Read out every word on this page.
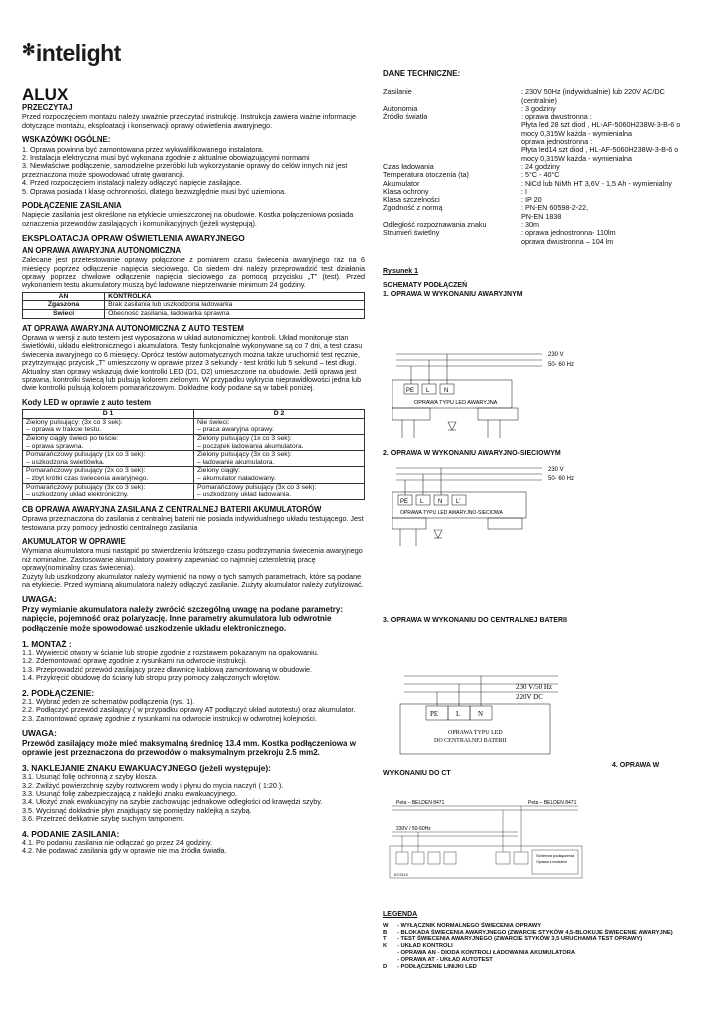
✻intelight
ALUX
PRZECZYTAJ

Przed rozpoczęciem montażu należy uważnie przeczytać instrukcję. Instrukcja zawiera ważne informacje dotyczące montażu, eksploatacji i konserwacji oprawy oświetlenia awaryjnego.

WSKAZÓWKI OGÓLNE:

1. Oprawa powinna być zamontowana przez wykwalifikowanego instalatora.

2. Instalacja elektryczna musi być wykonana zgodnie z aktualnie obowiązującymi normami

3. Niewłaściwe podłączenie, samodzielne przeróbki lub wykorzystanie oprawy do celów innych niż jest przeznaczona może spowodować utratę gwarancji.

4. Przed rozpoczęciem instalacji należy odłączyć napięcie zasilające.

5. Oprawa posiada I klasę ochronności, dlatego bezwzględnie musi być uziemiona.

PODŁĄCZENIE ZASILANIA

Napięcie zasilania jest określone na etykiecie umieszczonej na obudowie. Kostka połączeniowa posiada oznaczenia przewodów zasilających i komunikacyjnych (jeżeli występują).

EKSPLOATACJA OPRAW OŚWIETLENIA AWARYJNEGO
AN OPRAWA AWARYJNA AUTONOMICZNA

Zalecane jest przetestowanie oprawy połączone z pomiarem czasu świecenia awaryjnego raz na 6 miesięcy poprzez odłączenie napięcia sieciowego. Co siedem dni należy przeprowadzić test działania oprawy poprzez chwilowe odłączenie napięcia sieciowego za pomocą przycisku „T” (test). Przed wykonaniem testu akumulatory muszą być ładowane nieprzerwanie minimum 24 godziny.

AN	KONTROLKA
Zgaszona	Brak zasilania lub uszkodzona ładowarka
Świeci	Obecność zasilania, ładowarka sprawna
AT OPRAWA AWARYJNA AUTONOMICZNA Z AUTO TESTEM

Oprawa w wersji z auto testem jest wyposażona w układ autonomicznej kontroli. Układ monitoruje stan świetlówki, układu elektronicznego i akumulatora. Testy funkcjonalne wykonywane są co 7 dni, a test czasu świecenia awaryjnego co 6 miesięcy. Oprócz testów automatycznych można także uruchomić test ręcznie, przytrzymując przycisk „T” umieszczony w oprawie przez 3 sekundy - test krótki lub 5 sekund – test długi.

Aktualny stan oprawy wskazują dwie kontrolki LED (D1, D2) umieszczone na obudowie. Jeśli oprawa jest sprawna, kontrolki świecą lub pulsują kolorem zielonym. W przypadku wykrycia nieprawidłowości jedna lub dwie kontrolki pulsują kolorem pomarańczowym. Dokładne kody podane są w tabeli poniżej.

Kody LED w oprawie z auto testem
D 1	D 2
Zielony pulsujący: (3x co 3 sek):
– oprawa w trakcie testu.	Nie świeci:
– praca awaryjna oprawy.
Zielony ciągły świeci po teście:
– oprawa sprawna.	Zielony pulsujący (1x co 3 sek):
– początek ładowania akumulatora.
Pomarańczowy pulsujący (1x co 3 sek):
– uszkodzona świetlówka.	Zielony pulsujący (3x co 3 sek):
– ładowanie akumulatora.
Pomarańczowy pulsujący (2x co 3 sek):
– zbyt krótki czas świecenia awaryjnego.	Zielony ciągły:
– akumulator naładowany.
Pomarańczowy pulsujący (3x co 3 sek):
– uszkodzony układ elektroniczny.	Pomarańczowy pulsujący (3x co 3 sek):
– uszkodzony układ ładowania.
CB OPRAWA AWARYJNA ZASILANA Z CENTRALNEJ BATERII AKUMULATORÓW

Oprawa przeznaczona do zasilania z centralnej baterii nie posiada indywidualnego układu testującego. Jest testowana przy pomocy jednostki centralnego zasilania

AKUMULATOR W OPRAWIE

Wymiana akumulatora musi nastąpić po stwierdzeniu krótszego czasu podtrzymania świecenia awaryjnego niż nominalne. Zastosowane akumulatory powinny zapewniać co najmniej czteroletnią pracę oprawy(nominalny czas świecenia).

Zużyty lub uszkodzony akumulator należy wymienić na nowy o tych samych parametrach, które są podane na etykiecie. Przed wymianą akumulatora należy odłączyć zasilanie. Zużyty akumulator należy zutylizować.

UWAGA:

Przy wymianie akumulatora należy zwrócić szczególną uwagę na podane parametry: napięcie, pojemność oraz polaryzację. Inne parametry akumulatora lub odwrotnie podłączenie może spowodować uszkodzenie układu elektronicznego.

1. MONTAŻ :

1.1. Wywiercić otwory w ścianie lub stropie zgodnie z rozstawem pokazanym na opakowaniu.

1.2. Zdemontować oprawę zgodnie z rysunkami na odwrocie instrukcji.

1.3. Przeprowadzić przewód zasilający przez dławnicę kablową zamontowaną w obudowie.

1.4. Przykręcić obudowę do ściany lub stropu przy pomocy załączonych wkrętów.

2. PODŁĄCZENIE:

2.1. Wybrać jeden ze schematów podłączenia (rys. 1).

2.2. Podłączyć przewód zasilający ( w przypadku oprawy AT podłączyć układ autotestu) oraz akumulator.

2.3. Zamontować oprawę zgodnie z rysunkami na odwrocie instrukcji w odwrotnej kolejności.

UWAGA:

Przewód zasilający może mieć maksymalną średnicę 13.4 mm. Kostka podłączeniowa w oprawie jest przeznaczona do przewodów o maksymalnym przekroju 2.5 mm2.

3. NAKLEJANIE ZNAKU EWAKUACYJNEGO (jeżeli występuje):

3.1. Usunąć folię ochronną z szyby klosza.

3.2. Zwilżyć powierzchnię szyby roztworem wody i płynu do mycia naczyń ( 1:20 ).

3.3. Usunąć folię zabezpieczającą z naklejki znaku ewakuacyjnego.

3.4. Ułożyć znak ewakuacyjny na szybie zachowując jednakowe odległości od krawędzi szyby.

3.5. Wycisnąć dokładnie płyn znajdujący się pomiędzy naklejką a szybą.

3.6. Przetrzeć delikatnie szybę suchym tamponem.

4. PODANIE ZASILANIA:

4.1. Po podaniu zasilania nie odłączać go przez 24 godziny.

4.2. Nie podawać zasilania gdy w oprawie nie ma źródła światła.

DANE TECHNICZNE:
Zasilanie	: 230V 50Hz (indywidualnie) lub 220V AC/DC
(centralnie)
Autonomia	: 3 godziny
Źródło światła	: oprawa dwustronna :
Płyta led 28 szt diod , HL-AF-5060H238W-3-B-6 o
mocy 0,315W każda - wymienialna
oprawa jednostronna :
Płyta led14 szt diod , HL-AF-5060H238W-3-B-6 o
mocy 0,315W każda - wymienialna
Czas ładowania	: 24 godziny
Temperatura otoczenia (ta)	: 5°C - 40°C
Akumulator	: NiCd lub NiMh HT 3,6V - 1,5 Ah - wymienialny
Klasa ochrony	: I
Klasa szczelności	: IP 20
Zgodność z normą	: PN-EN 60598-2-22,
PN-EN 1838
Odległość rozpoznawania znaku	: 30m
Strumień świetlny	: oprawa jednostronna- 110lm
oprawa dwustronna – 104 lm
Rysunek 1
SCHEMATY PODŁĄCZEŃ
1. OPRAWA W WYKONANIU AWARYJNYM
230 V
50- 60 Hz
PE L N
OPRAWA TYPU LED AWARYJNA
2. OPRAWA W WYKONANIU AWARYJNO-SIECIOWYM
230 V
50- 60 Hz
PE L N L'
OPRAWA TYPU LED AWARYJNO-SIECIOWA
3. OPRAWA W WYKONANIU DO CENTRALNEJ BATERII
230 V/50 Hz
220V DC
PE	L	N
OPRAWA TYPU LED
DO CENTRALNEJ BATERII
4. OPRAWA W
WYKONANIU DO CT
Peta – BELDEN 8471	Peta – BELDEN 8471
230V / 50-60Hz
Schemat podłączenia
Oprawa z modułem
ECS110
LEGENDA
W	- WYŁĄCZNIK NORMALNEGO ŚWIECENIA OPRAWY
B	- BLOKADA ŚWIECENIA AWARYJNEGO (ZWARCIE STYKÓW 4,5-BLOKUJE ŚWIECENIE AWARYJNE)
T	- TEST ŚWIECENIA AWARYJNEGO (ZWARCIE STYKÓW 3,5 URUCHAMIA TEST OPRAWY)
K	- UKŁAD KONTROLI
- OPRAWA AN - DIODA KONTROLI ŁADOWANIA AKUMULATORA
- OPRAWA AT - UKŁAD AUTOTEST
D	- PODŁĄCZENIE LINIJKI LED
